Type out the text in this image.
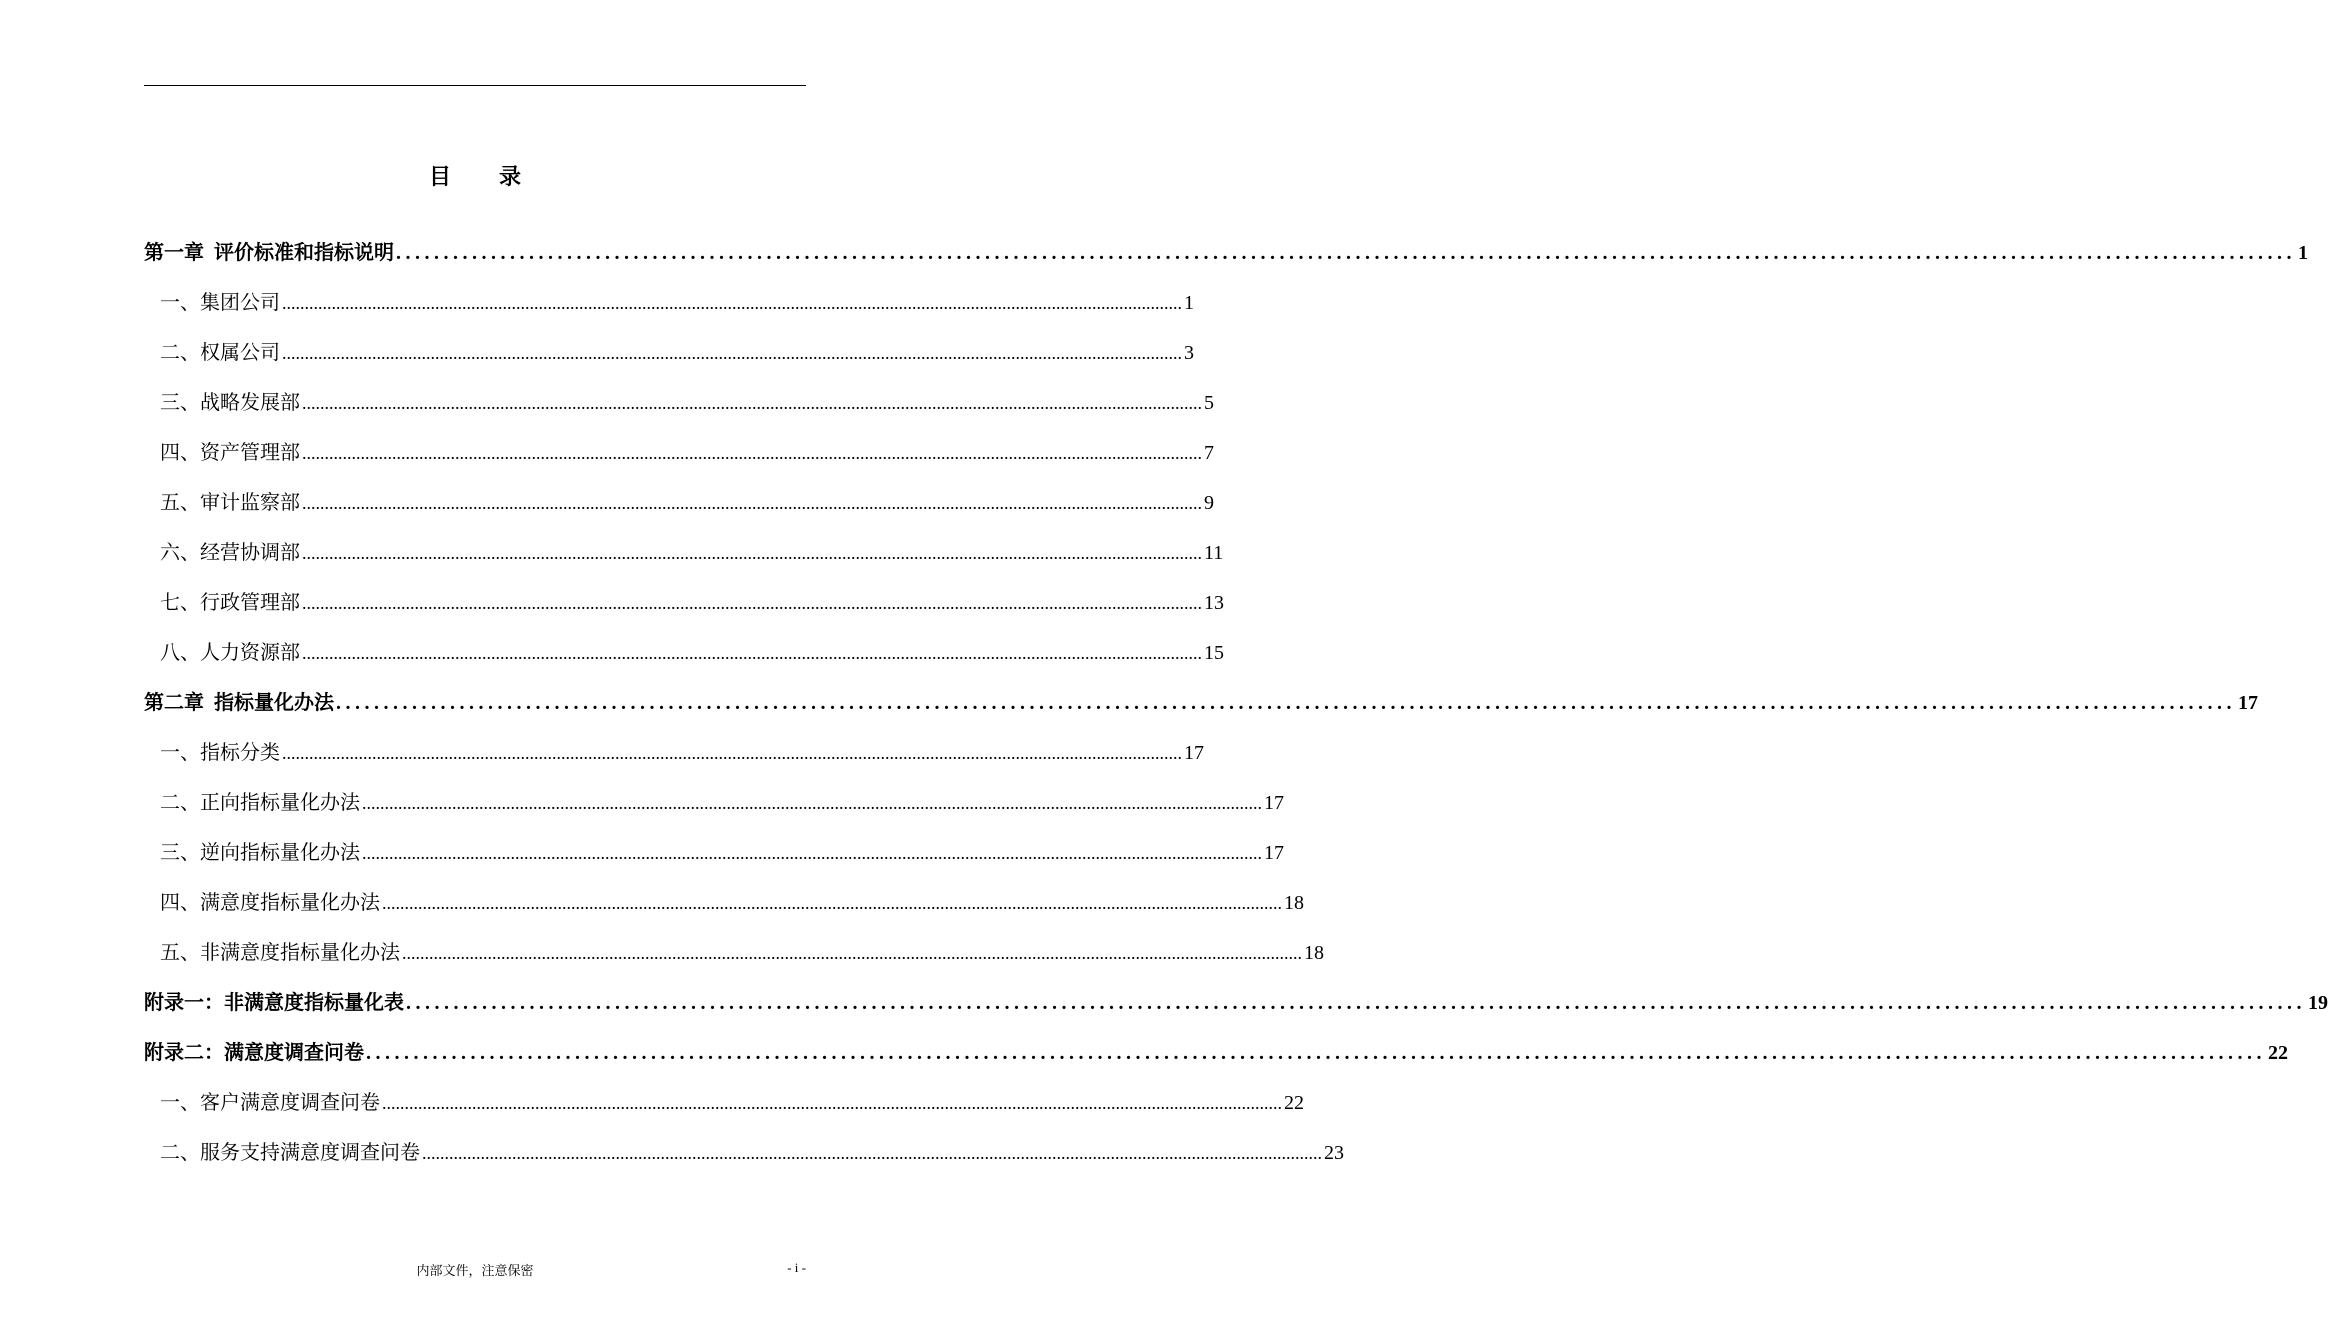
目录
第一章 评价标准和指标说明 ........................................................................................................................................................................................................ 1
一、 集团公司 ........................................................................................................................................................................................................ 1
二、 权属公司 ........................................................................................................................................................................................................ 3
三、 战略发展部 ........................................................................................................................................................................................................ 5
四、 资产管理部 ........................................................................................................................................................................................................ 7
五、 审计监察部 ........................................................................................................................................................................................................ 9
六、 经营协调部 ........................................................................................................................................................................................................ 11
七、 行政管理部 ........................................................................................................................................................................................................ 13
八、 人力资源部 ........................................................................................................................................................................................................ 15
第二章 指标量化办法 ........................................................................................................................................................................................................ 17
一、 指标分类 ........................................................................................................................................................................................................ 17
二、 正向指标量化办法 ........................................................................................................................................................................................................ 17
三、 逆向指标量化办法 ........................................................................................................................................................................................................ 17
四、 满意度指标量化办法 ........................................................................................................................................................................................................ 18
五、 非满意度指标量化办法 ........................................................................................................................................................................................................ 18
附录一：非满意度指标量化表 ........................................................................................................................................................................................................ 19
附录二：满意度调查问卷 ........................................................................................................................................................................................................ 22
一、 客户满意度调查问卷 ........................................................................................................................................................................................................ 22
二、 服务支持满意度调查问卷 ........................................................................................................................................................................................................ 23
内部文件，注意保密	- i -
